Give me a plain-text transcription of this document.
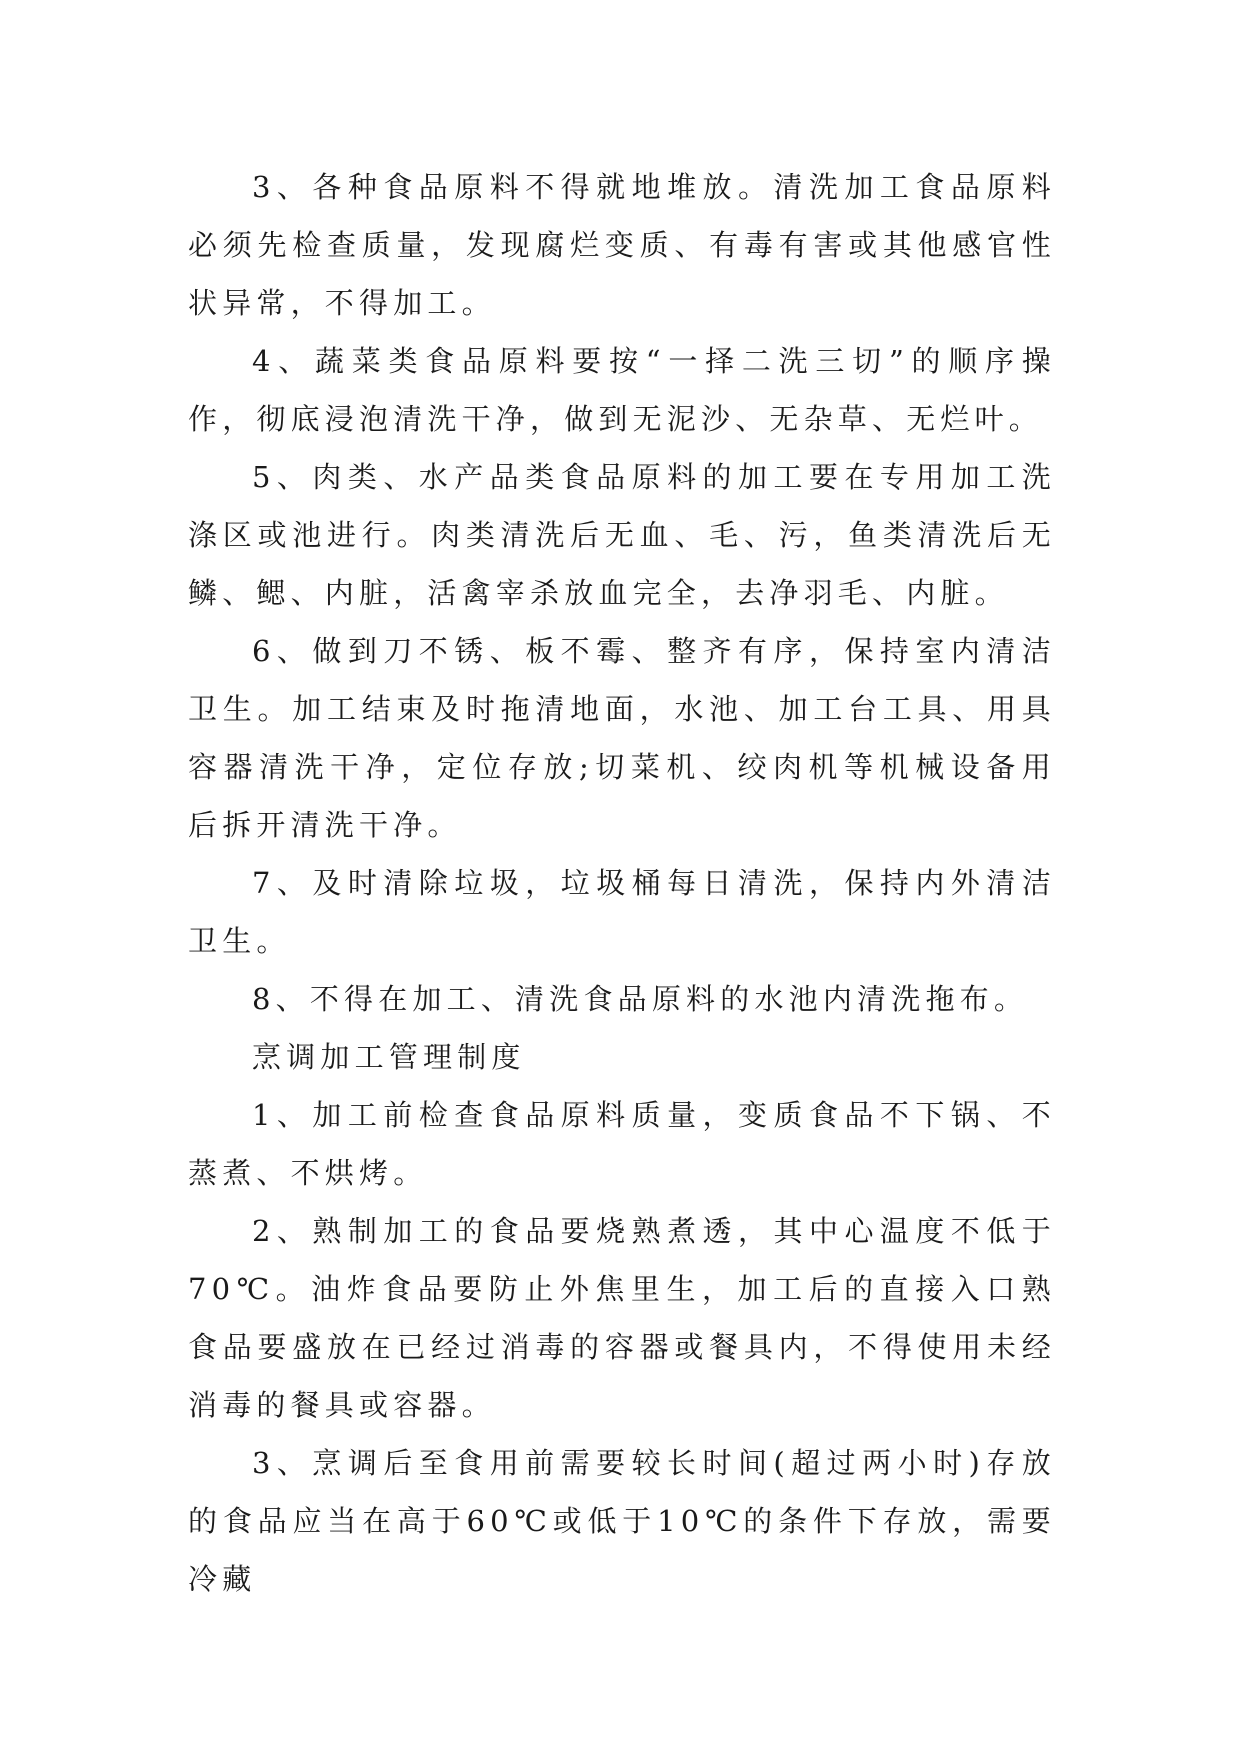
3、各种食品原料不得就地堆放。清洗加工食品原料必须先检查质量，发现腐烂变质、有毒有害或其他感官性状异常，不得加工。

4、蔬菜类食品原料要按“一择二洗三切”的顺序操作，彻底浸泡清洗干净，做到无泥沙、无杂草、无烂叶。

5、肉类、水产品类食品原料的加工要在专用加工洗涤区或池进行。肉类清洗后无血、毛、污，鱼类清洗后无鳞、鳃、内脏，活禽宰杀放血完全，去净羽毛、内脏。

6、做到刀不锈、板不霉、整齐有序，保持室内清洁卫生。加工结束及时拖清地面，水池、加工台工具、用具容器清洗干净，定位存放;切菜机、绞肉机等机械设备用后拆开清洗干净。

7、及时清除垃圾，垃圾桶每日清洗，保持内外清洁卫生。

8、不得在加工、清洗食品原料的水池内清洗拖布。

烹调加工管理制度

1、加工前检查食品原料质量，变质食品不下锅、不蒸煮、不烘烤。

2、熟制加工的食品要烧熟煮透，其中心温度不低于70℃。油炸食品要防止外焦里生，加工后的直接入口熟食品要盛放在已经过消毒的容器或餐具内，不得使用未经消毒的餐具或容器。

3、烹调后至食用前需要较长时间(超过两小时)存放的食品应当在高于60℃或低于10℃的条件下存放，需要冷藏
